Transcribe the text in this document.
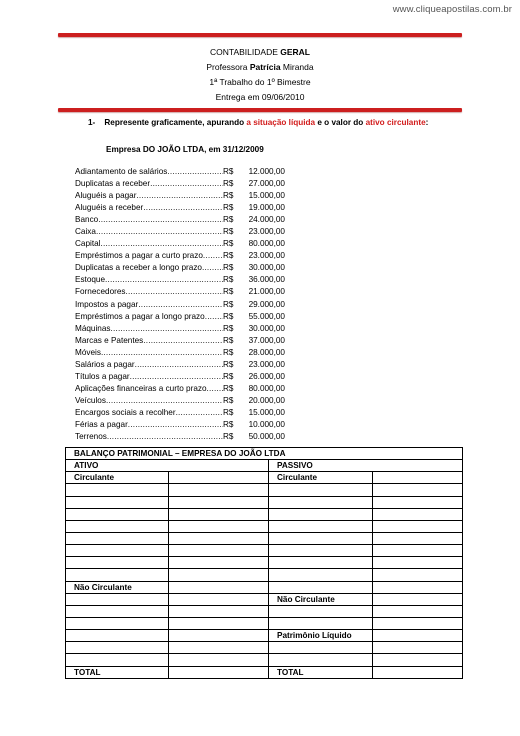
www.cliqueapostilas.com.br
CONTABILIDADE GERAL
Professora Patrícia Miranda
1ª Trabalho do 1º Bimestre
Entrega em 09/06/2010
1- Represente graficamente, apurando a situação líquida e o valor do ativo circulante:
Empresa DO JOÃO LTDA, em 31/12/2009
Adiantamento de salários .....	R$	12.000,00
Duplicatas a receber .....	R$	27.000,00
Aluguéis a pagar .....	R$	15.000,00
Aluguéis a receber .....	R$	19.000,00
Banco .....	R$	24.000,00
Caixa .....	R$	23.000,00
Capital .....	R$	80.000,00
Empréstimos a pagar a curto prazo .....	R$	23.000,00
Duplicatas a receber a longo prazo .....	R$	30.000,00
Estoque .....	R$	36.000,00
Fornecedores .....	R$	21.000,00
Impostos a pagar .....	R$	29.000,00
Empréstimos a pagar a longo prazo .....	R$	55.000,00
Máquinas .....	R$	30.000,00
Marcas e Patentes .....	R$	37.000,00
Móveis .....	R$	28.000,00
Salários a pagar .....	R$	23.000,00
Títulos a pagar .....	R$	26.000,00
Aplicações financeiras a curto prazo .....	R$	80.000,00
Veículos .....	R$	20.000,00
Encargos sociais a recolher .....	R$	15.000,00
Férias a pagar .....	R$	10.000,00
Terrenos .....	R$	50.000,00
BALANÇO PATRIMONIAL – EMPRESA DO JOÃO LTDA			
ATIVO		PASSIVO	
Circulante		Circulante	

Não Circulante			
		Não Circulante	

		Patrimônio Líquido	

TOTAL		TOTAL	
